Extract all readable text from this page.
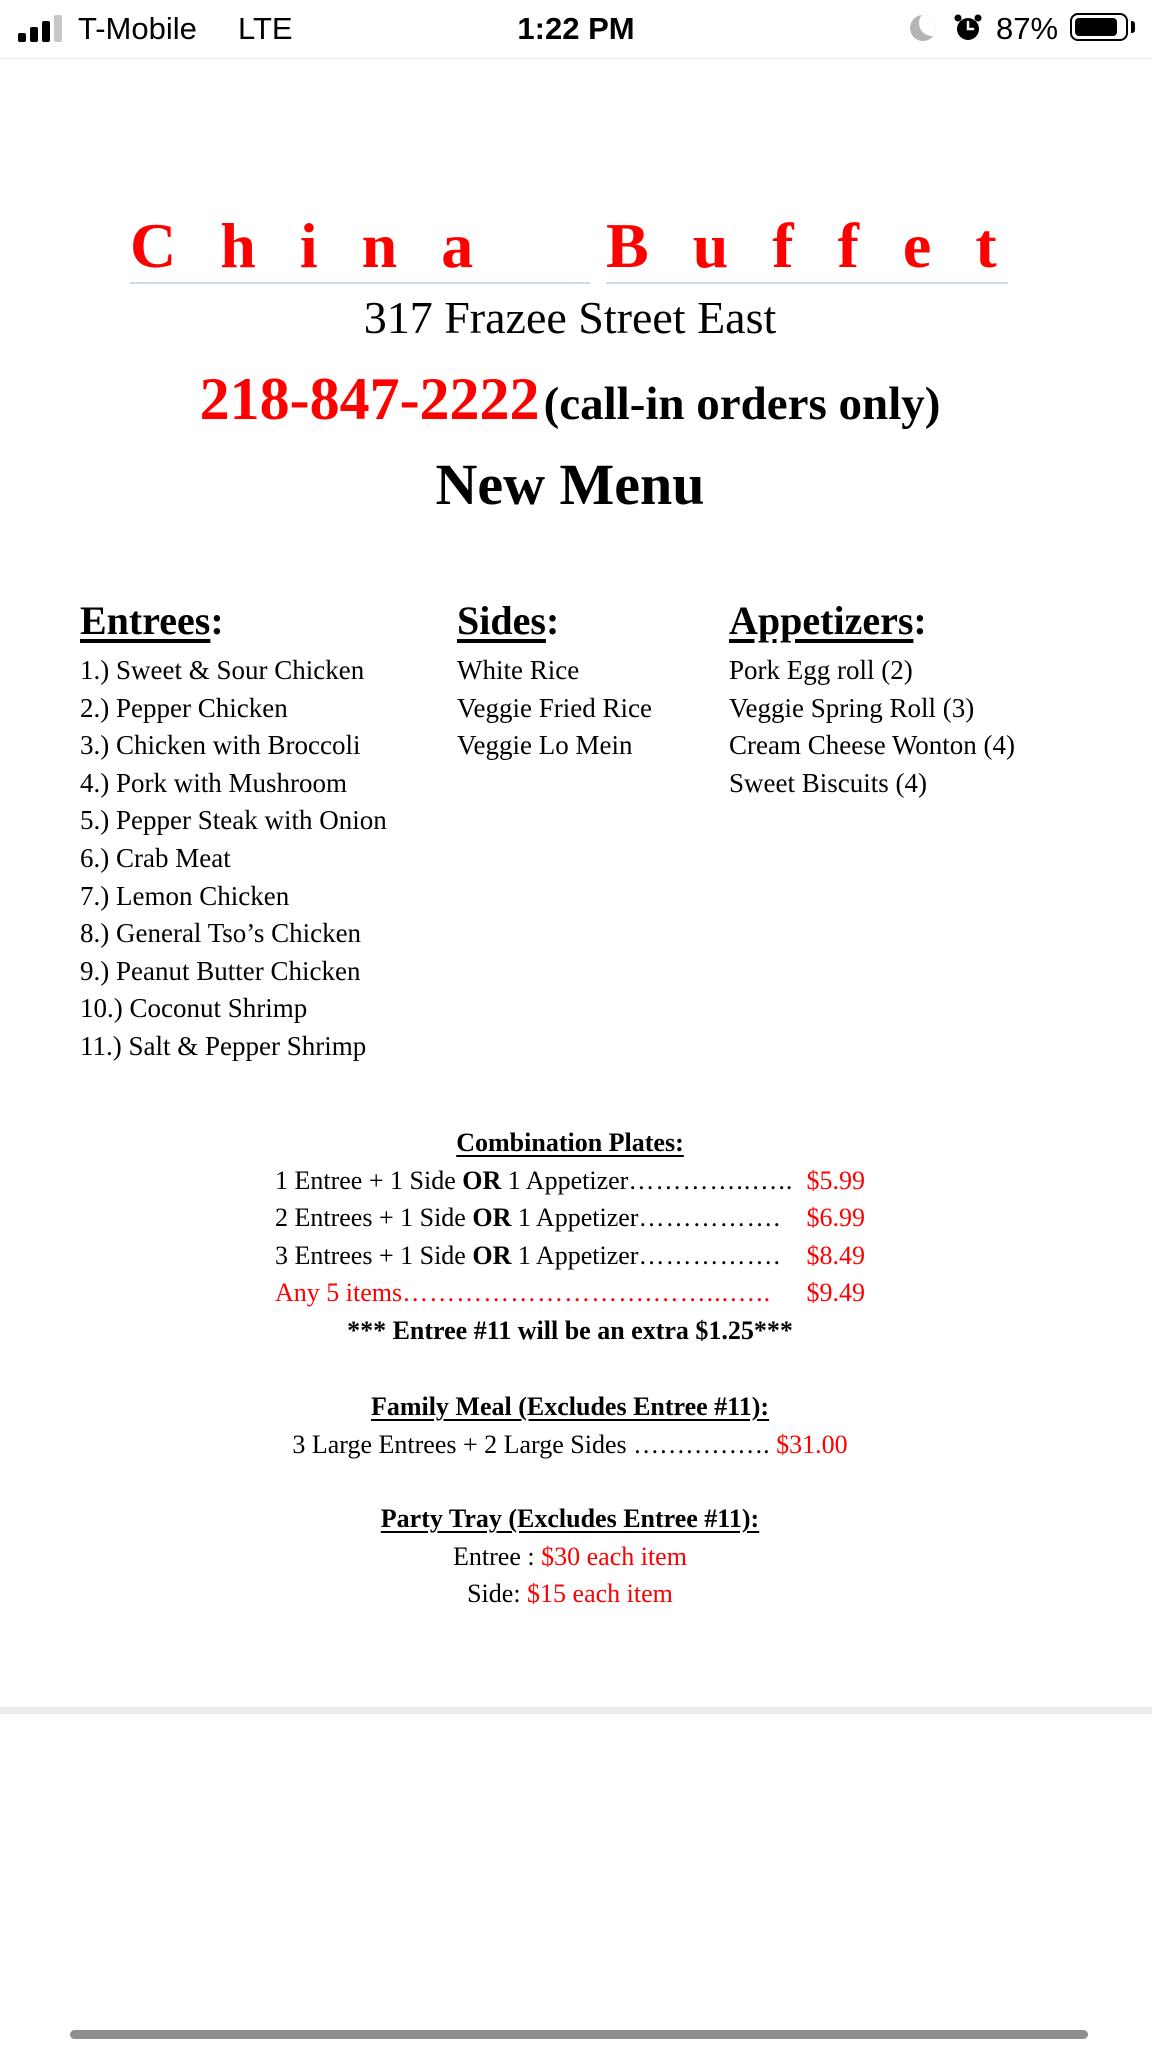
T-Mobile LTE	1:22 PM	87%
China	Buffet
317 Frazee Street East
218-847-2222 (call-in orders only)
New Menu
Entrees:
1.) Sweet & Sour Chicken
2.) Pepper Chicken
3.) Chicken with Broccoli
4.) Pork with Mushroom
5.) Pepper Steak with Onion
6.) Crab Meat
7.) Lemon Chicken
8.) General Tso’s Chicken
9.) Peanut Butter Chicken
10.) Coconut Shrimp
11.) Salt & Pepper Shrimp
Sides:
White Rice
Veggie Fried Rice
Veggie Lo Mein
Appetizers:
Pork Egg roll (2)
Veggie Spring Roll (3)
Cream Cheese Wonton (4)
Sweet Biscuits (4)
Combination Plates:
1 Entree + 1 Side OR 1 Appetizer …………..….. $5.99
2 Entrees + 1 Side OR 1 Appetizer ……………. $6.99
3 Entrees + 1 Side OR 1 Appetizer ……………. $8.49
Any 5 items ……………………….……...…..	$9.49
*** Entree #11 will be an extra $1.25***
Family Meal (Excludes Entree #11):
3 Large Entrees + 2 Large Sides ……………. $31.00
Party Tray (Excludes Entree #11):
Entree : $30 each item
Side: $15 each item
